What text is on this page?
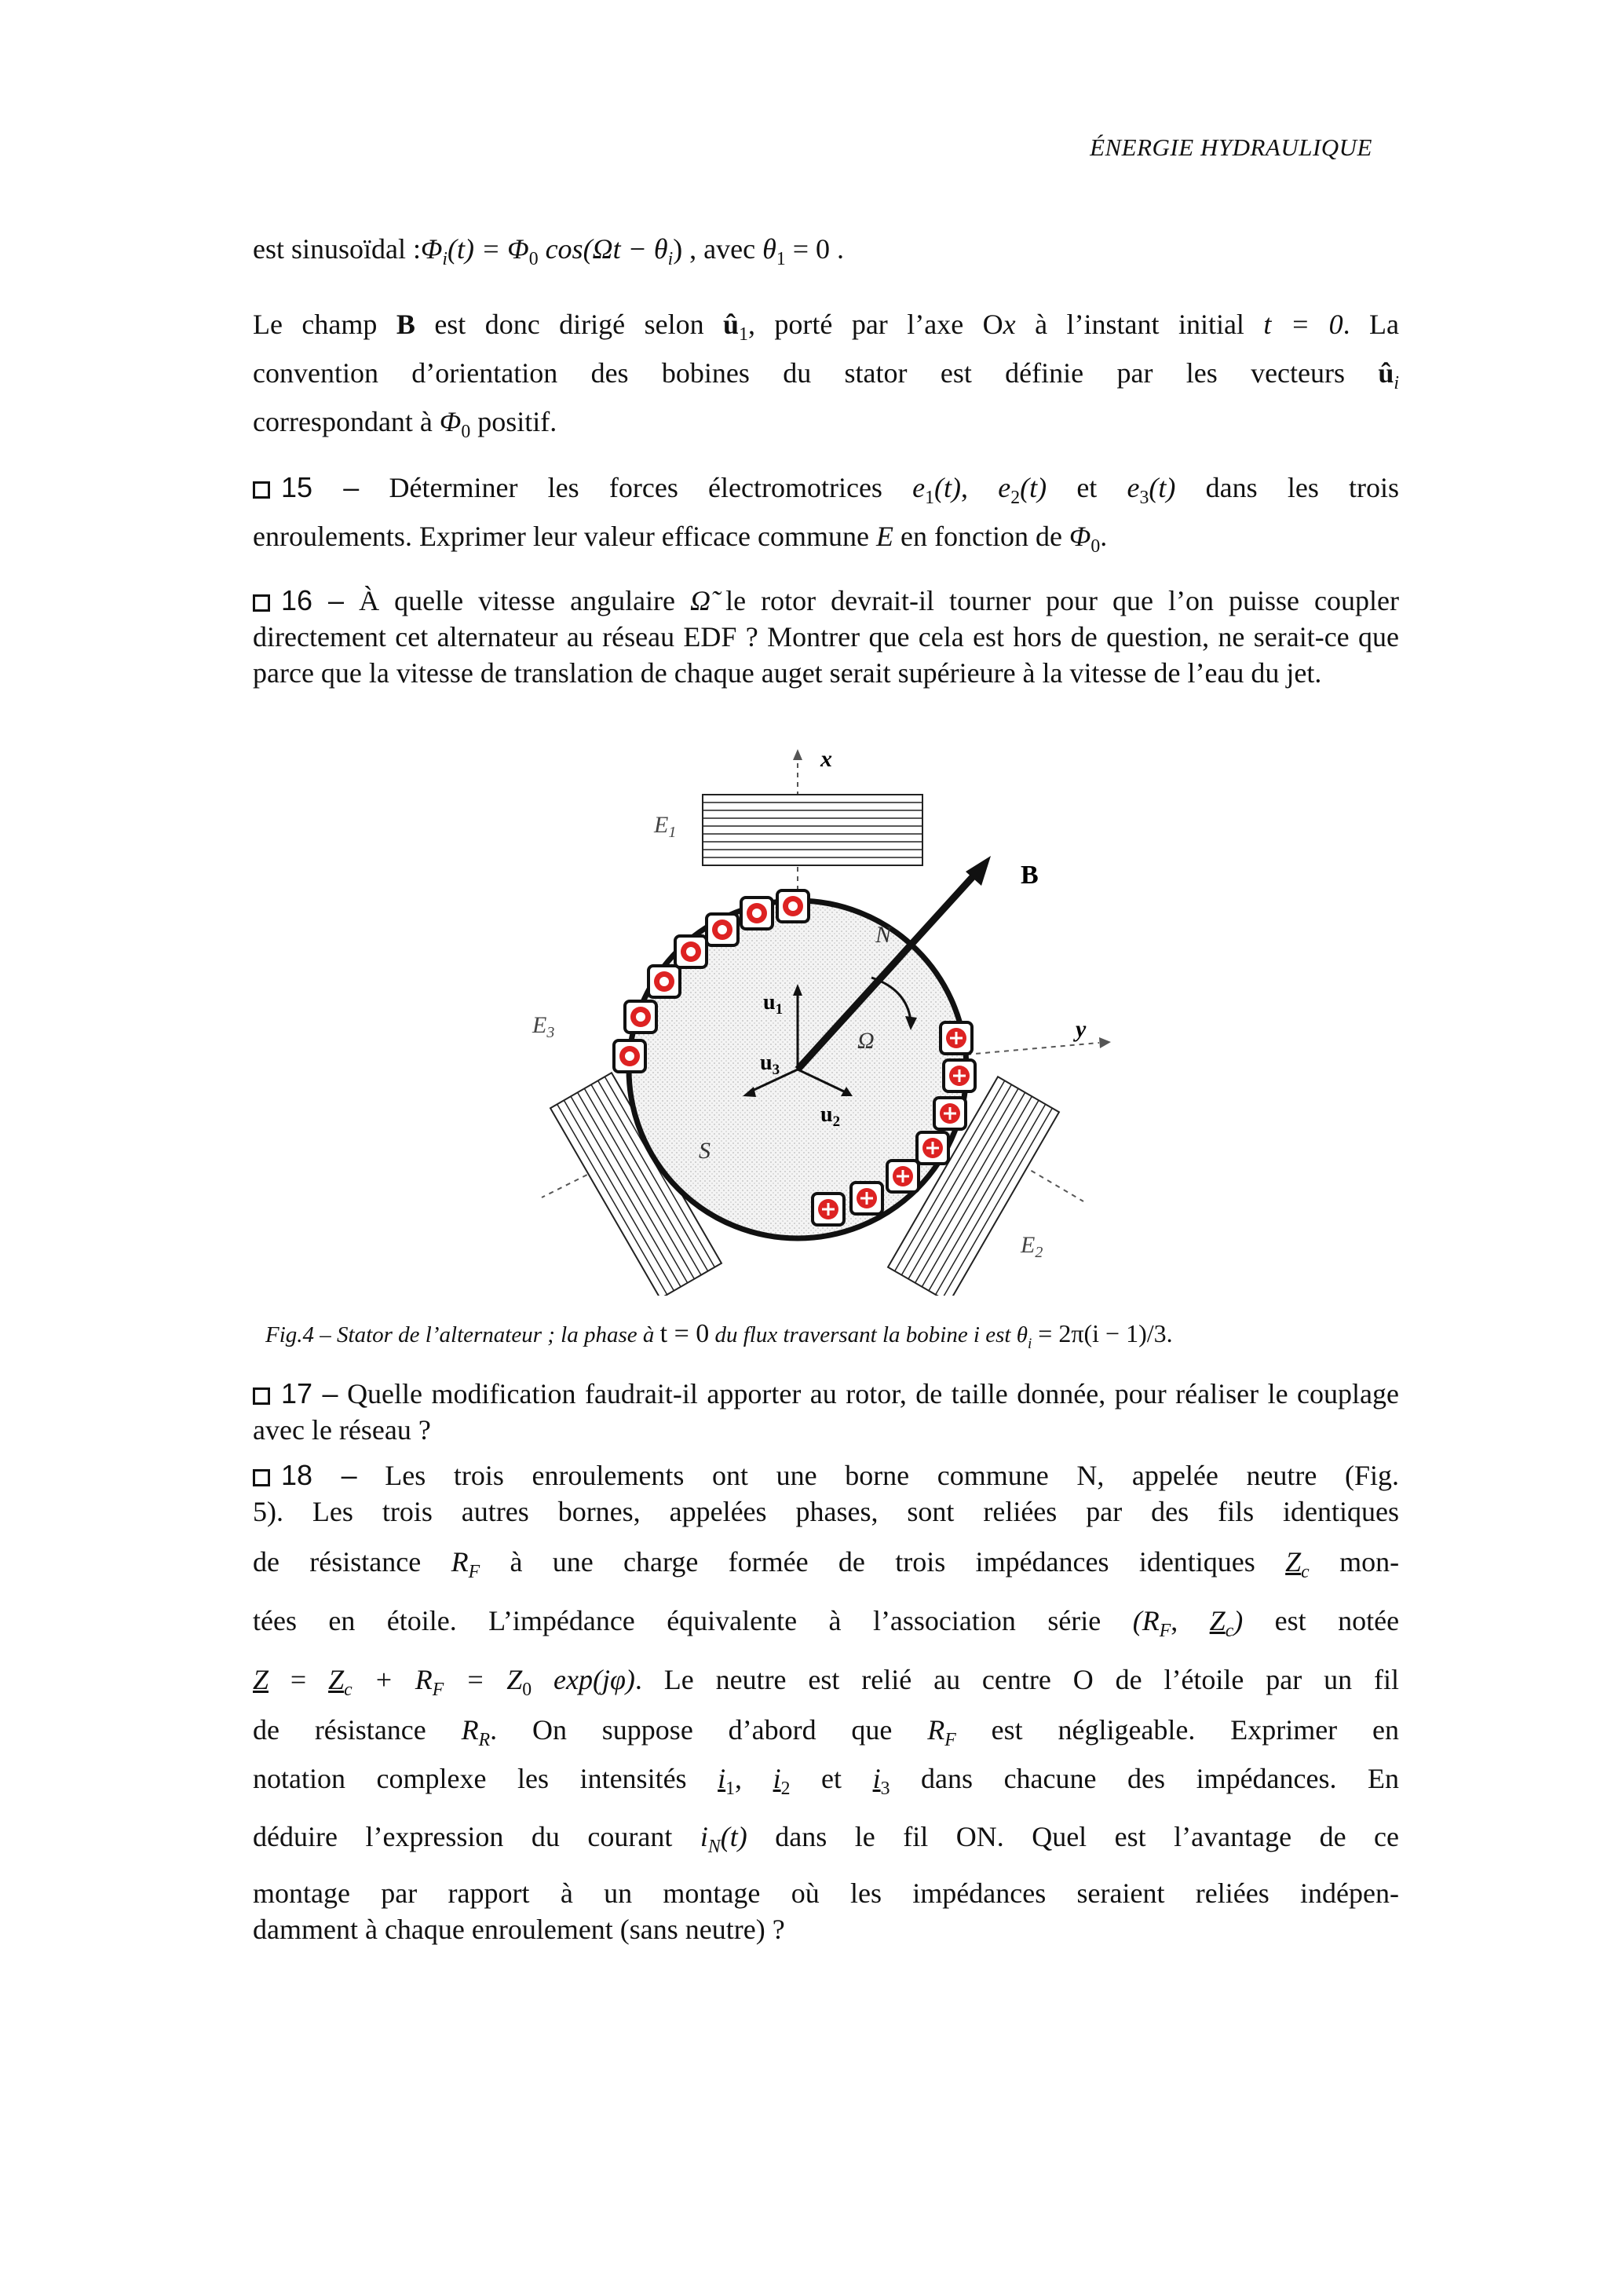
ÉNERGIE HYDRAULIQUE
est sinusoïdal $:\Phi_i(t) = \Phi_0$ $\cos(\Omega t - \theta_i)$ , avec $\theta_1 = 0$ .
Le champ B est donc dirigé selon $û_1$, porté par l’axe Ox à l’instant initial t = 0. La
convention d’orientation des bobines du stator est définie par les vecteurs $û_i$
correspondant à $\Phi_0$ positif.
15 – Déterminer les forces électromotrices $e_1(t)$, $e_2(t)$ et $e_3(t)$ dans les trois
enroulements. Exprimer leur valeur efficace commune E en fonction de $\Phi_0$.
16 – À quelle vitesse angulaire Ω̃ le rotor devrait-il tourner pour que l’on puisse coupler directement cet alternateur au réseau EDF ? Montrer que cela est hors de question, ne serait-ce que parce que la vitesse de translation de chaque auget serait supérieure à la vitesse de l’eau du jet.
x
y
$E_1$
$E_3$
$E_2$
B
N
S
Ω
$u_1$
$u_2$
$u_3$
Fig.4 – Stator de l’alternateur ; la phase à t = 0 du flux traversant la bobine i est $\theta_i = 2\pi(i - 1)/3$.
17 – Quelle modification faudrait-il apporter au rotor, de taille donnée, pour réaliser le couplage avec le réseau ?
18 – Les trois enroulements ont une borne commune N, appelée neutre (Fig.
5). Les trois autres bornes, appelées phases, sont reliées par des fils identiques
de résistance $R_F$ à une charge formée de trois impédances identiques $Z_c$ mon-
tées en étoile. L’impédance équivalente à l’association série ($R_F$, $Z_c$) est notée
$Z = Z_c + R_F = Z_0$ exp(jφ). Le neutre est relié au centre O de l’étoile par un fil
de résistance $R_R$. On suppose d’abord que $R_F$ est négligeable. Exprimer en
notation complexe les intensités $i_1$, $i_2$ et $i_3$ dans chacune des impédances. En
déduire l’expression du courant $i_N(t)$ dans le fil ON. Quel est l’avantage de ce
montage par rapport à un montage où les impédances seraient reliées indépen-
damment à chaque enroulement (sans neutre) ?
